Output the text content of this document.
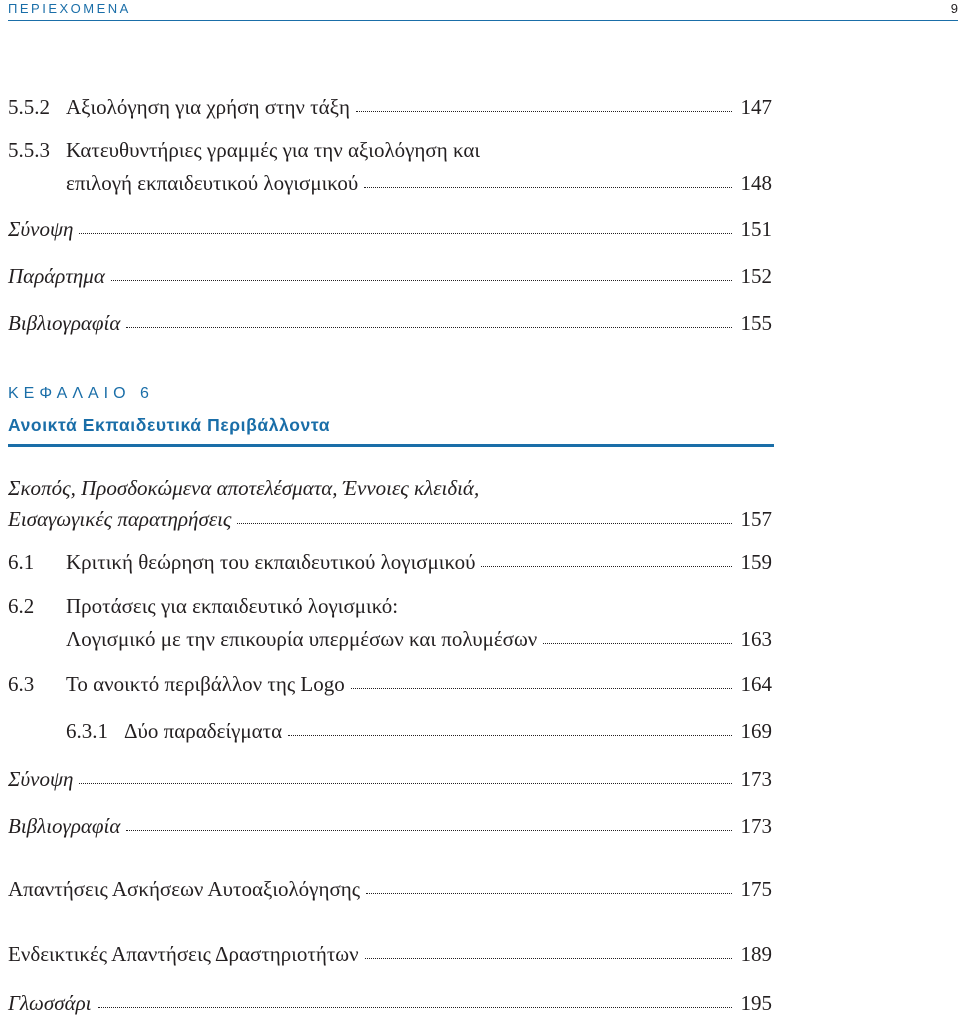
ΠΕΡΙΕΧΟΜΕΝΑ	9
5.5.2 Αξιολόγηση για χρήση στην τάξη	147
5.5.3 Κατευθυντήριες γραμμές για την αξιολόγηση και
επιλογή εκπαιδευτικού λογισμικού	148
Σύνοψη	151
Παράρτημα	152
Βιβλιογραφία	155
ΚΕΦΑΛΑΙΟ 6
Ανοικτά Εκπαιδευτικά Περιβάλλοντα
Σκοπός, Προσδοκώμενα αποτελέσματα, Έννοιες κλειδιά,
Εισαγωγικές παρατηρήσεις	157
6.1	Κριτική θεώρηση του εκπαιδευτικού λογισμικού	159
6.2 Προτάσεις για εκπαιδευτικό λογισμικό:
Λογισμικό με την επικουρία υπερμέσων και πολυμέσων	163
6.3	Το ανοικτό περιβάλλον της Logo	164
6.3.1 Δύο παραδείγματα	169
Σύνοψη	173
Βιβλιογραφία	173
Απαντήσεις Ασκήσεων Αυτοαξιολόγησης	175
Ενδεικτικές Απαντήσεις Δραστηριοτήτων	189
Γλωσσάρι	195
